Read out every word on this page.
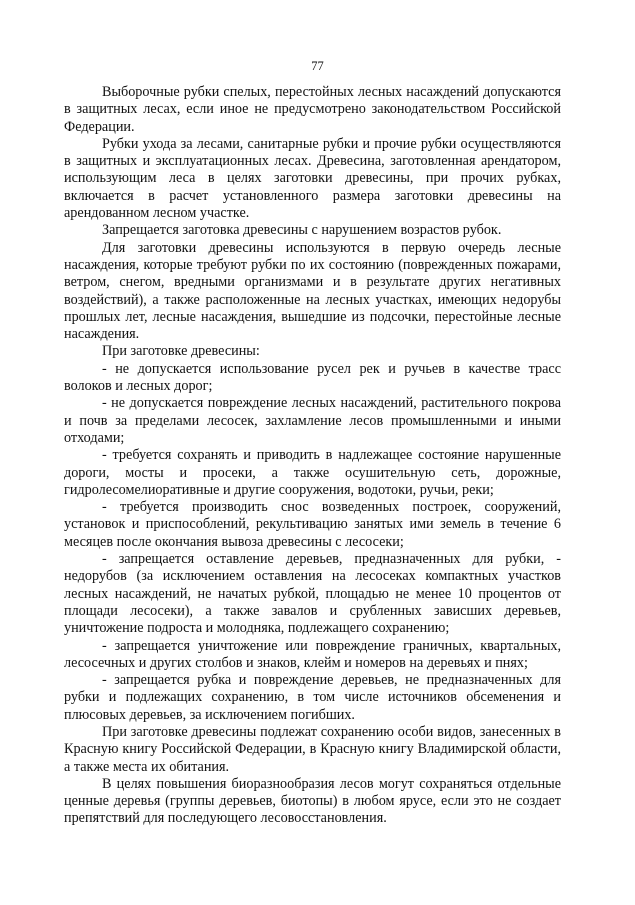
77

Выборочные рубки спелых, перестойных лесных насаждений допускаются в защитных лесах, если иное не предусмотрено законодательством Российской Федерации.

Рубки ухода за лесами, санитарные рубки и прочие рубки осуществляются в защитных и эксплуатационных лесах. Древесина, заготовленная арендатором, использующим леса в целях заготовки древесины, при прочих рубках, включается в расчет установленного размера заготовки древесины на арендованном лесном участке.

Запрещается заготовка древесины с нарушением возрастов рубок.

Для заготовки древесины используются в первую очередь лесные насаждения, которые требуют рубки по их состоянию (поврежденных пожарами, ветром, снегом, вредными организмами и в результате других негативных воздействий), а также расположенные на лесных участках, имеющих недорубы прошлых лет, лесные насаждения, вышедшие из подсочки, перестойные лесные насаждения.

При заготовке древесины:

- не допускается использование русел рек и ручьев в качестве трасс волоков и лесных дорог;

- не допускается повреждение лесных насаждений, растительного покрова и почв за пределами лесосек, захламление лесов промышленными и иными отходами;

- требуется сохранять и приводить в надлежащее состояние нарушенные дороги, мосты и просеки, а также осушительную сеть, дорожные, гидролесомелиоративные и другие сооружения, водотоки, ручьи, реки;

- требуется производить снос возведенных построек, сооружений, установок и приспособлений, рекультивацию занятых ими земель в течение 6 месяцев после окончания вывоза древесины с лесосеки;

- запрещается оставление деревьев, предназначенных для рубки, - недорубов (за исключением оставления на лесосеках компактных участков лесных насаждений, не начатых рубкой, площадью не менее 10 процентов от площади лесосеки), а также завалов и срубленных зависших деревьев, уничтожение подроста и молодняка, подлежащего сохранению;

- запрещается уничтожение или повреждение граничных, квартальных, лесосечных и других столбов и знаков, клейм и номеров на деревьях и пнях;

- запрещается рубка и повреждение деревьев, не предназначенных для рубки и подлежащих сохранению, в том числе источников обсеменения и плюсовых деревьев, за исключением погибших.

При заготовке древесины подлежат сохранению особи видов, занесенных в Красную книгу Российской Федерации, в Красную книгу Владимирской области, а также места их обитания.

В целях повышения биоразнообразия лесов могут сохраняться отдельные ценные деревья (группы деревьев, биотопы) в любом ярусе, если это не создает препятствий для последующего лесовосстановления.
